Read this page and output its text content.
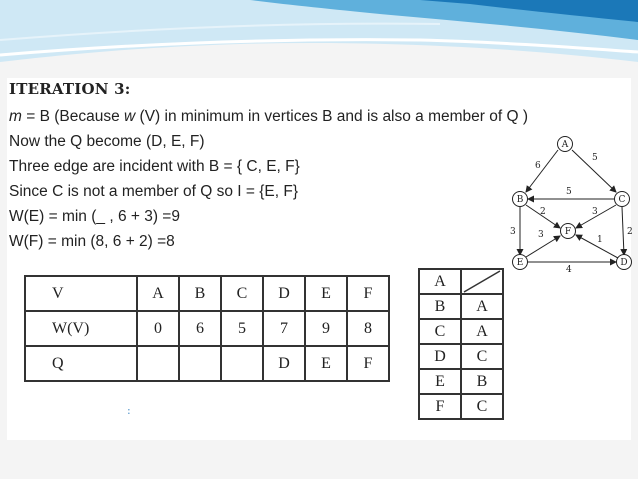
ITERATION 3:
m = B (Because w (V) in minimum in vertices B and is also a member of Q )
Now the Q become (D, E, F)
Three edge are incident with B = { C, E, F}
Since C is not a member of Q so I = {E, F}
W(E) = min (_ , 6 + 3) =9
W(F) = min (8, 6 + 2) =8
6
5
5
2	3
3 3	1
2
4
A
B	C
F
E	D
V	A	B	C	D	E	F
W(V)	0	6	5	7	9	8
Q				D	E	F
A	

B	A
C	A
D	C
E	B
F	C
:
